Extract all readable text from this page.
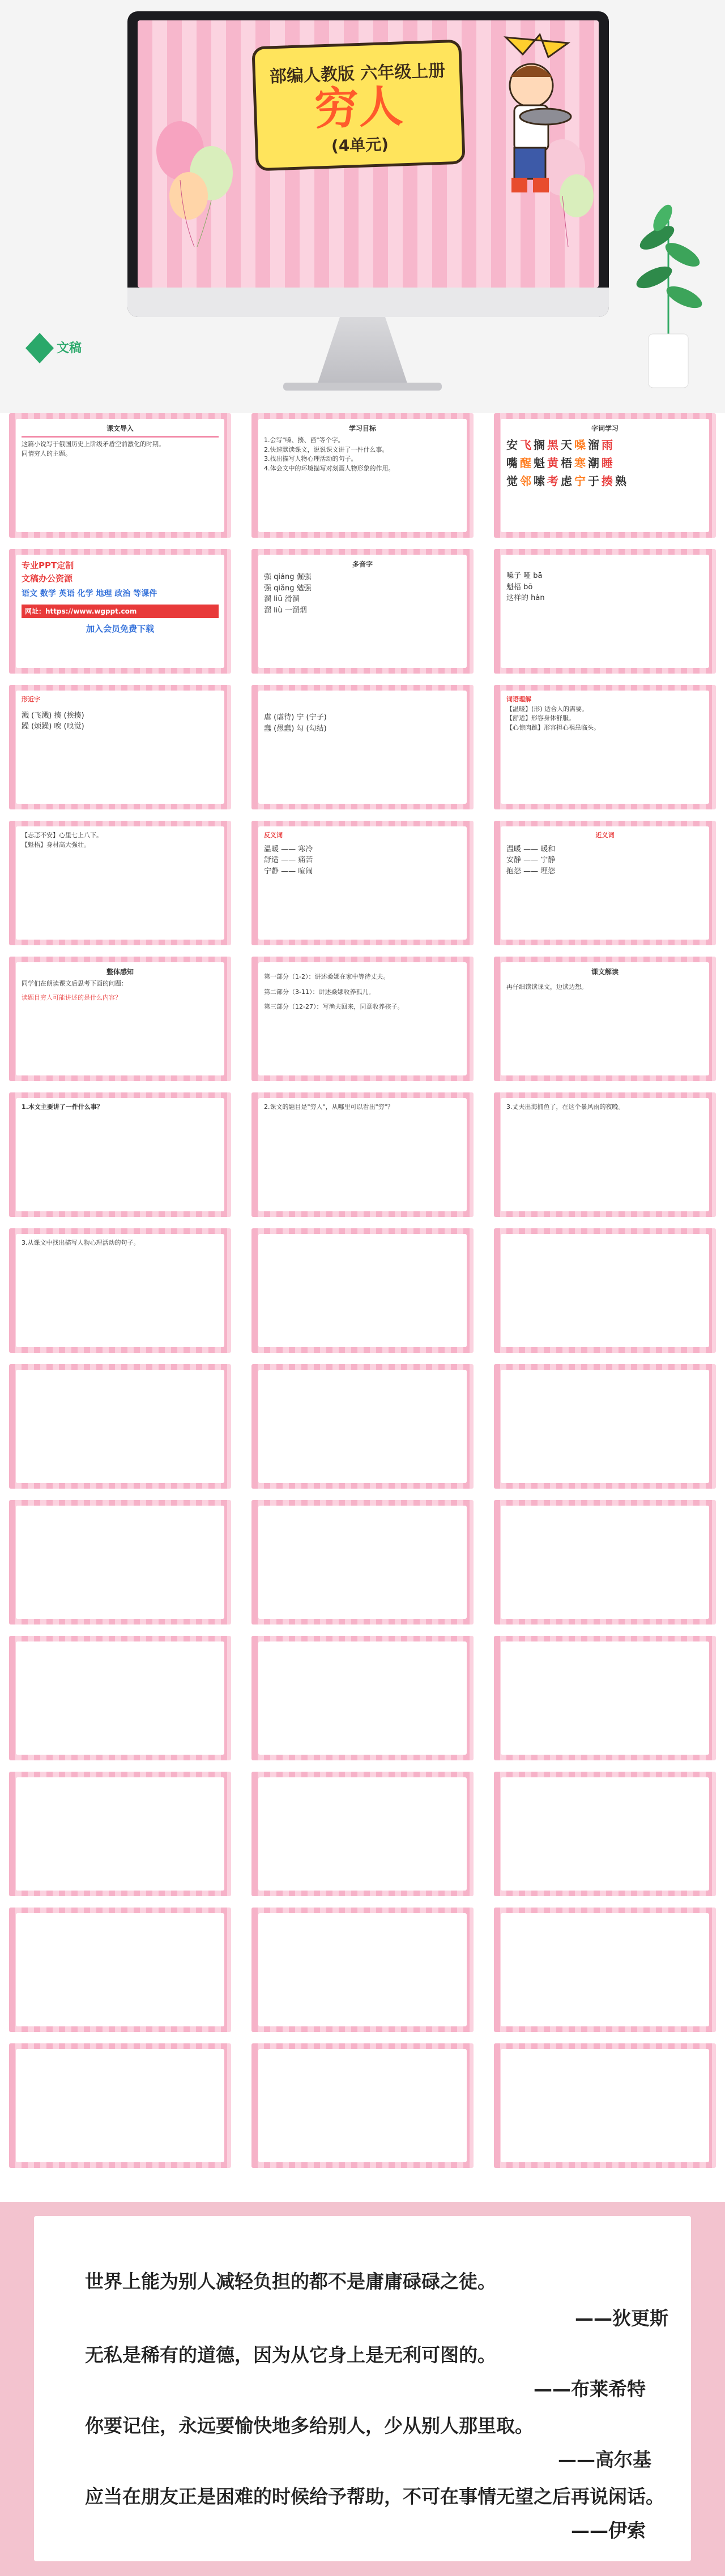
部编人教版 六年级上册
穷人
(4单元)
文稿
课文导入
这篇小说写于俄国历史上阶级矛盾空前激化的时期。
同情穷人的主题。
学习目标
1.会写"嗓、揍、舀"等个字。
2.快速默读课文，说说课文讲了一件什么事。
3.找出描写人物心理活动的句子。
4.体会文中的环境描写对刻画人物形象的作用。
字词学习
安飞搁黑天嗓溜雨
嘴醒魁黄梧寒潮睡
觉邻嗦考虑宁于揍熟
专业PPT定制
文稿办公资源
语文 数学 英语 化学 地理 政治 等课件
网址：https://www.wgppt.com
加入会员免费下载
多音字
强 qiáng 倔强
强 qiǎng 勉强
溜 liū 滑溜
溜 liù 一溜烟
嗓子 哑 bā
魁梧 bō
这样的 hàn
形近字
溅 (飞溅) 揍 (挨揍)
躁 (烦躁) 嗅 (嗅觉)
虐 (虐待) 宁 (宁子)
蠢 (愚蠢) 勾 (勾结)
词语理解
【温暖】(形) 适合人的需要。
【舒适】形容身体舒服。
【心惊肉跳】形容担心祸患临头。
【忐忑不安】心里七上八下。
【魁梧】身材高大强壮。
反义词
温暖 —— 寒冷
舒适 —— 痛苦
宁静 —— 喧闹
近义词
温暖 —— 暖和
安静 —— 宁静
抱怨 —— 埋怨
整体感知
同学们在朗读课文后思考下面的问题：
读题目穷人可能讲述的是什么内容？
第一部分（1-2）：讲述桑娜在家中等待丈夫。
第二部分（3-11）：讲述桑娜收养孤儿。
第三部分（12-27）：写渔夫回来，同意收养孩子。
课文解读
再仔细读读课文，边读边想。
1.本文主要讲了一件什么事？	2.课文的题目是"穷人"，从哪里可以看出"穷"？	3.丈夫出海捕鱼了，在这个暴风雨的夜晚。
3.从课文中找出描写人物心理活动的句子。
世界上能为别人减轻负担的都不是庸庸碌碌之徒。
——狄更斯
无私是稀有的道德，因为从它身上是无利可图的。
——布莱希特
你要记住，永远要愉快地多给别人，少从别人那里取。
——高尔基
应当在朋友正是困难的时候给予帮助，不可在事情无望之后再说闲话。
——伊索
